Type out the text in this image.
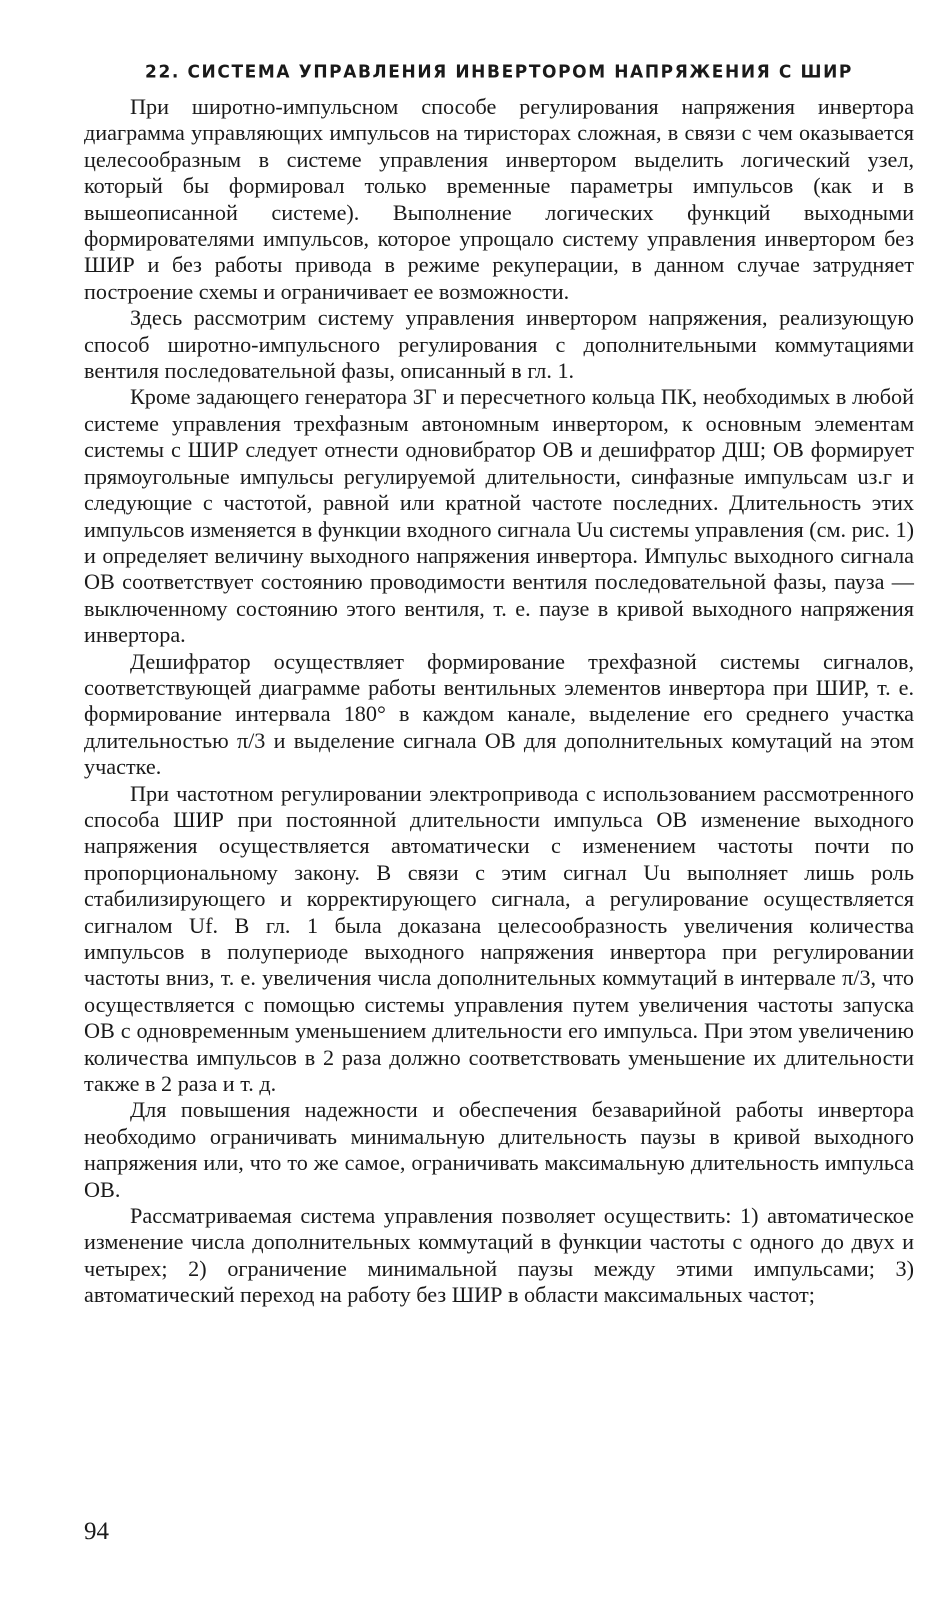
22. СИСТЕМА УПРАВЛЕНИЯ ИНВЕРТОРОМ НАПРЯЖЕНИЯ С ШИР

При широтно-импульсном способе регулирования напряжения инвертора диаграмма управляющих импульсов на тиристорах сложная, в связи с чем оказывается целесообразным в системе управления инвертором выделить логический узел, который бы формировал только временные параметры импульсов (как и в вышеописанной системе). Выполнение логических функций выходными формирователями импульсов, которое упрощало систему управления инвертором без ШИР и без работы привода в режиме рекуперации, в данном случае затрудняет построение схемы и ограничивает ее возможности.

Здесь рассмотрим систему управления инвертором напряжения, реализующую способ широтно-импульсного регулирования с дополнительными коммутациями вентиля последовательной фазы, описанный в гл. 1.

Кроме задающего генератора ЗГ и пересчетного кольца ПК, необходимых в любой системе управления трехфазным автономным инвертором, к основным элементам системы с ШИР следует отнести одновибратор ОВ и дешифратор ДШ; ОВ формирует прямоугольные импульсы регулируемой длительности, синфазные импульсам uз.г и следующие с частотой, равной или кратной частоте последних. Длительность этих импульсов изменяется в функции входного сигнала Uu системы управления (см. рис. 1) и определяет величину выходного напряжения инвертора. Импульс выходного сигнала ОВ соответствует состоянию проводимости вентиля последовательной фазы, пауза — выключенному состоянию этого вентиля, т. е. паузе в кривой выходного напряжения инвертора.

Дешифратор осуществляет формирование трехфазной системы сигналов, соответствующей диаграмме работы вентильных элементов инвертора при ШИР, т. е. формирование интервала 180° в каждом канале, выделение его среднего участка длительностью π/3 и выделение сигнала ОВ для дополнительных комутаций на этом участке.

При частотном регулировании электропривода с использованием рассмотренного способа ШИР при постоянной длительности импульса ОВ изменение выходного напряжения осуществляется автоматически с изменением частоты почти по пропорциональному закону. В связи с этим сигнал Uu выполняет лишь роль стабилизирующего и корректирующего сигнала, а регулирование осуществляется сигналом Uf. В гл. 1 была доказана целесообразность увеличения количества импульсов в полупериоде выходного напряжения инвертора при регулировании частоты вниз, т. е. увеличения числа дополнительных коммутаций в интервале π/3, что осуществляется с помощью системы управления путем увеличения частоты запуска ОВ с одновременным уменьшением длительности его импульса. При этом увеличению количества импульсов в 2 раза должно соответствовать уменьшение их длительности также в 2 раза и т. д.

Для повышения надежности и обеспечения безаварийной работы инвертора необходимо ограничивать минимальную длительность паузы в кривой выходного напряжения или, что то же самое, ограничивать максимальную длительность импульса ОВ.

Рассматриваемая система управления позволяет осуществить: 1) автоматическое изменение числа дополнительных коммутаций в функции частоты с одного до двух и четырех; 2) ограничение минимальной паузы между этими импульсами; 3) автоматический переход на работу без ШИР в области максимальных частот;

94
